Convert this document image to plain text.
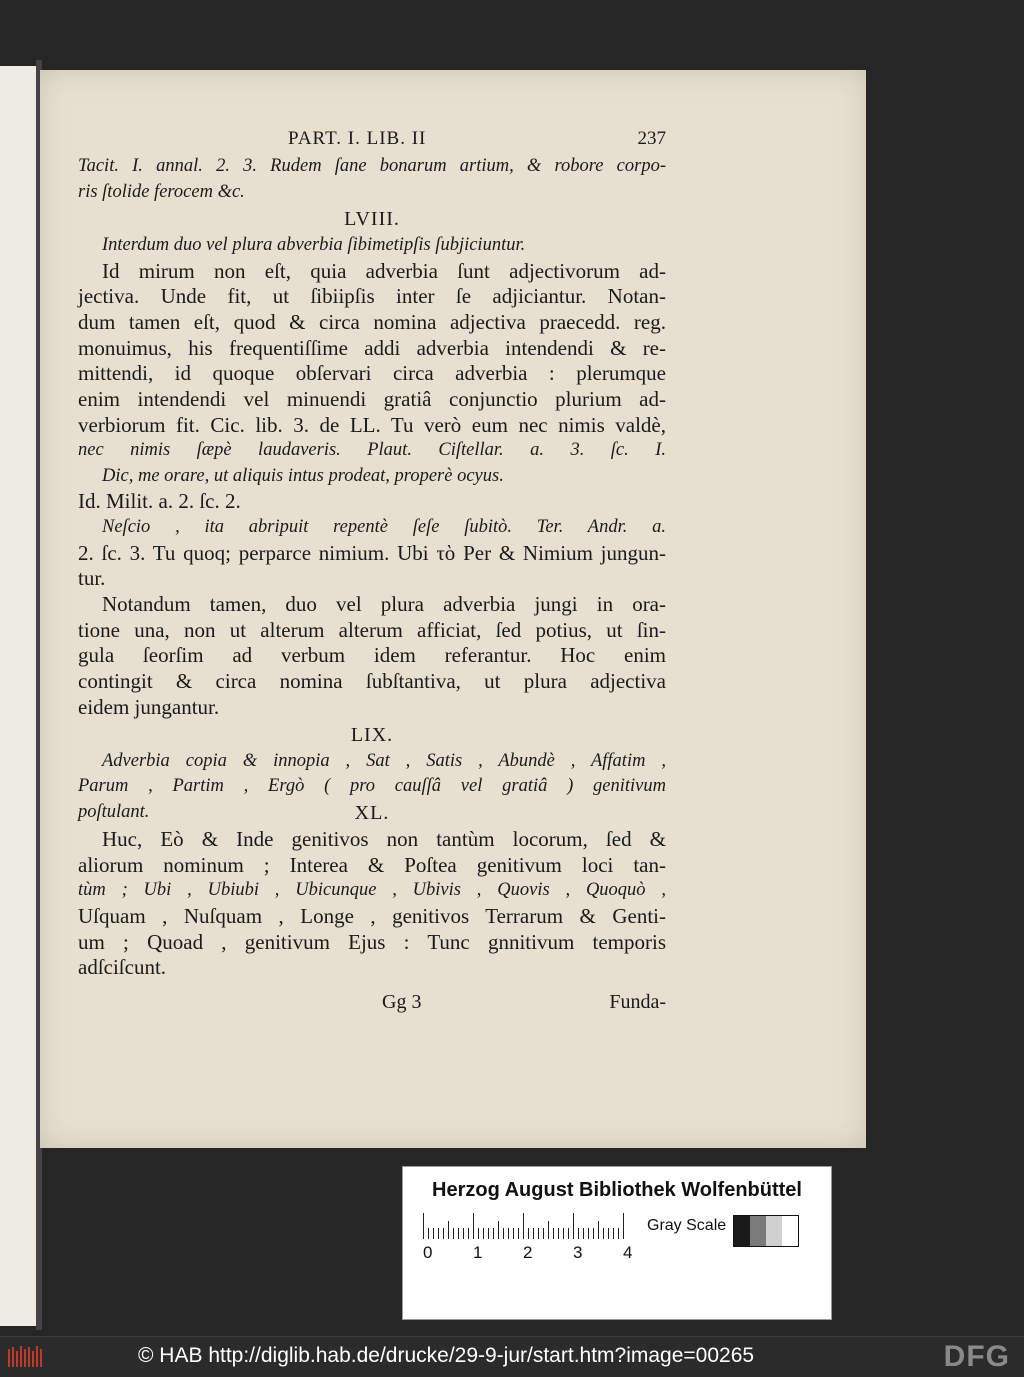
PART. I. LIB. II	237
Tacit. I. annal. 2. 3. Rudem ſane bonarum artium, & robore corpo-
ris ſtolide ferocem &c.
LVIII.
Interdum duo vel plura abverbia ſibimetipſis ſubjiciuntur.
Id mirum non eſt, quia adverbia ſunt adjectivorum ad-
jectiva. Unde fit, ut ſibiipſis inter ſe adjiciantur. Notan-
dum tamen eſt, quod & circa nomina adjectiva praecedd. reg.
monuimus, his frequentiſſime addi adverbia intendendi & re-
mittendi, id quoque obſervari circa adverbia : plerumque
enim intendendi vel minuendi gratiâ conjunctio plurium ad-
verbiorum fit. Cic. lib. 3. de LL. Tu verò eum nec nimis valdè,
nec nimis ſæpè laudaveris. Plaut. Ciſtellar. a. 3. ſc. I.
Dic, me orare, ut aliquis intus prodeat, properè ocyus.
Id. Milit. a. 2. ſc. 2.
Neſcio , ita abripuit repentè ſeſe ſubitò. Ter. Andr. a.
2. ſc. 3. Tu quoq; perparce nimium. Ubi τὸ Per & Nimium jungun-
tur.
Notandum tamen, duo vel plura adverbia jungi in ora-
tione una, non ut alterum alterum afficiat, ſed potius, ut ſin-
gula ſeorſim ad verbum idem referantur. Hoc enim
contingit & circa nomina ſubſtantiva, ut plura adjectiva
eidem jungantur.
LIX.
Adverbia copia & innopia , Sat , Satis , Abundè , Affatim ,
Parum , Partim , Ergò ( pro cauſſâ vel gratiâ ) genitivum
poſtulant.	XL.
Huc, Eò & Inde genitivos non tantùm locorum, ſed &
aliorum nominum ; Interea & Poſtea genitivum loci tan-
tùm ; Ubi , Ubiubi , Ubicunque , Ubivis , Quovis , Quoquò ,
Uſquam , Nuſquam , Longe , genitivos Terrarum & Genti-
um ; Quoad , genitivum Ejus : Tunc gnnitivum temporis
adſciſcunt.
Gg 3	Funda-
Herzog August Bibliothek Wolfenbüttel
0 1 2 3 4
Gray Scale
© HAB http://diglib.hab.de/drucke/29-9-jur/start.htm?image=00265	DFG
